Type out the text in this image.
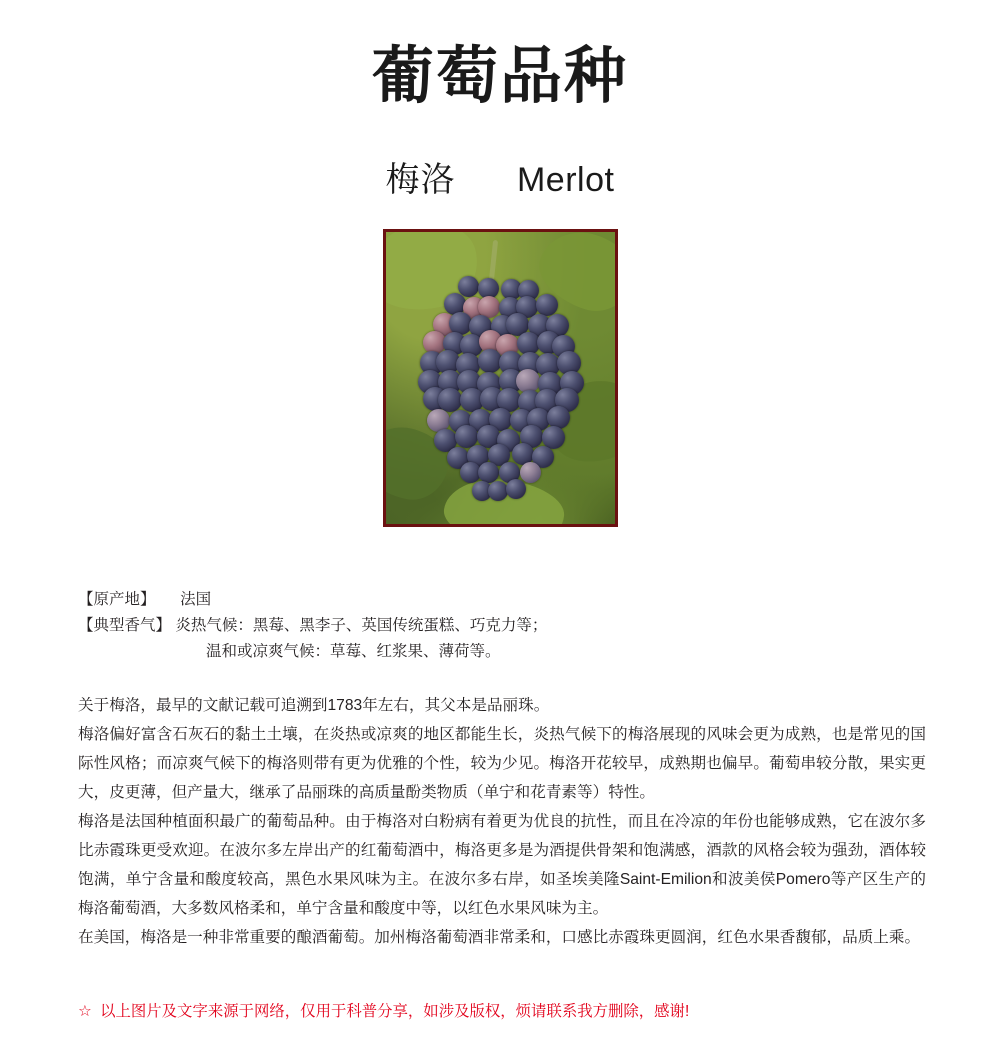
葡萄品种
梅洛 Merlot
【原产地】 法国
【典型香气】 炎热气候：黑莓、黑李子、英国传统蛋糕、巧克力等；
温和或凉爽气候：草莓、红浆果、薄荷等。

关于梅洛，最早的文献记载可追溯到1783年左右，其父本是品丽珠。

梅洛偏好富含石灰石的黏土土壤，在炎热或凉爽的地区都能生长，炎热气候下的梅洛展现的风味会更为成熟，也是常见的国际性风格；而凉爽气候下的梅洛则带有更为优雅的个性，较为少见。梅洛开花较早，成熟期也偏早。葡萄串较分散，果实更大，皮更薄，但产量大，继承了品丽珠的高质量酚类物质（单宁和花青素等）特性。

梅洛是法国种植面积最广的葡萄品种。由于梅洛对白粉病有着更为优良的抗性，而且在冷凉的年份也能够成熟，它在波尔多比赤霞珠更受欢迎。在波尔多左岸出产的红葡萄酒中，梅洛更多是为酒提供骨架和饱满感，酒款的风格会较为强劲，酒体较饱满，单宁含量和酸度较高，黑色水果风味为主。在波尔多右岸，如圣埃美隆Saint-Emilion和波美侯Pomero等产区生产的梅洛葡萄酒，大多数风格柔和，单宁含量和酸度中等，以红色水果风味为主。

在美国，梅洛是一种非常重要的酿酒葡萄。加州梅洛葡萄酒非常柔和，口感比赤霞珠更圆润，红色水果香馥郁，品质上乘。

☆ 以上图片及文字来源于网络，仅用于科普分享，如涉及版权，烦请联系我方删除，感谢!
